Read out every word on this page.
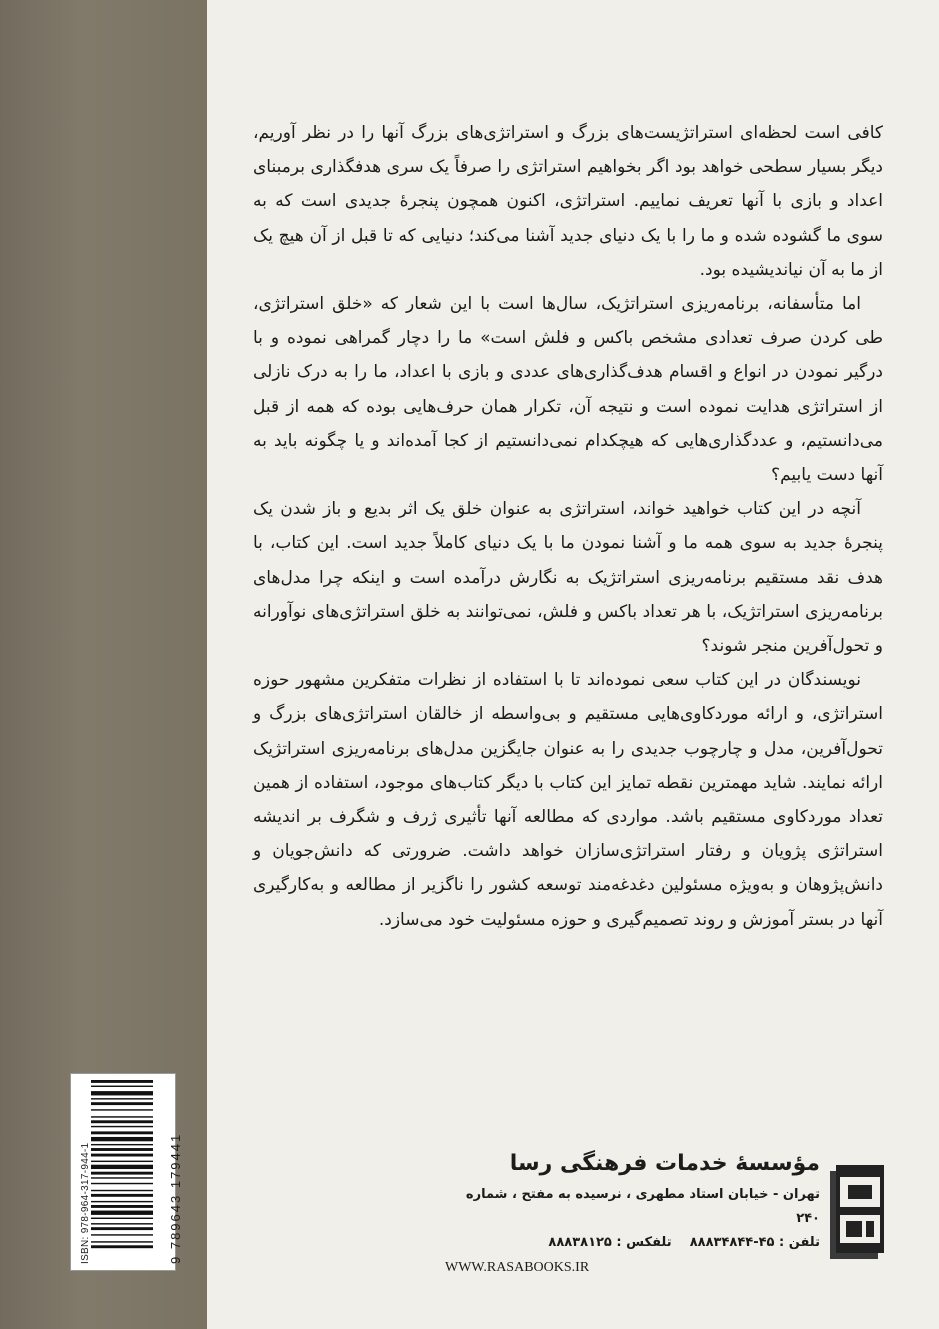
کافی است لحظه‌ای استراتژیست‌های بزرگ و استراتژی‌های بزرگ آنها را در نظر آوریم، دیگر بسیار سطحی خواهد بود اگر بخواهیم استراتژی را صرفاً یک سری هدفگذاری برمبنای اعداد و بازی با آنها تعریف نماییم. استراتژی، اکنون همچون پنجرهٔ جدیدی است که به سوی ما گشوده شده و ما را با یک دنیای جدید آشنا می‌کند؛ دنیایی که تا قبل از آن هیچ یک از ما به آن نیاندیشیده بود.

اما متأسفانه، برنامه‌ریزی استراتژیک، سال‌ها است با این شعار که «خلق استراتژی، طی کردن صرف تعدادی مشخص باکس و فلش است» ما را دچار گمراهی نموده و با درگیر نمودن در انواع و اقسام هدف‌گذاری‌های عددی و بازی با اعداد، ما را به درک نازلی از استراتژی هدایت نموده است و نتیجه آن، تکرار همان حرف‌هایی بوده که همه از قبل می‌دانستیم، و عددگذاری‌هایی که هیچکدام نمی‌دانستیم از کجا آمده‌اند و یا چگونه باید به آنها دست یابیم؟

آنچه در این کتاب خواهید خواند، استراتژی به عنوان خلق یک اثر بدیع و باز شدن یک پنجرهٔ جدید به سوی همه ما و آشنا نمودن ما با یک دنیای کاملاً جدید است. این کتاب، با هدف نقد مستقیم برنامه‌ریزی استراتژیک به نگارش درآمده است و اینکه چرا مدل‌های برنامه‌ریزی استراتژیک، با هر تعداد باکس و فلش، نمی‌توانند به خلق استراتژی‌های نوآورانه و تحول‌آفرین منجر شوند؟

نویسندگان در این کتاب سعی نموده‌اند تا با استفاده از نظرات متفکرین مشهور حوزه استراتژی، و ارائه موردکاوی‌هایی مستقیم و بی‌واسطه از خالقان استراتژی‌های بزرگ و تحول‌آفرین، مدل و چارچوب جدیدی را به عنوان جایگزین مدل‌های برنامه‌ریزی استراتژیک ارائه نمایند. شاید مهمترین نقطه تمایز این کتاب با دیگر کتاب‌های موجود، استفاده از همین تعداد موردکاوی مستقیم باشد. مواردی که مطالعه آنها تأثیری ژرف و شگرف بر اندیشه استراتژی پژویان و رفتار استراتژی‌سازان خواهد داشت. ضرورتی که دانش‌جویان و دانش‌پژوهان و به‌ویژه مسئولین دغدغه‌مند توسعه کشور را ناگزیر از مطالعه و به‌کارگیری آنها در بستر آموزش و روند تصمیم‌گیری و حوزه مسئولیت خود می‌سازد.

ISBN: 978-964-317-944-1	9 789643 179441	مؤسسهٔ خدمات فرهنگی رسا
تهران - خیابان استاد مطهری ، نرسیده به مفتح ، شماره ۲۴۰
تلفن : ۴۵-۸۸۸۳۴۸۴۴    تلفکس : ۸۸۸۳۸۱۲۵
WWW.RASABOOKS.IR
